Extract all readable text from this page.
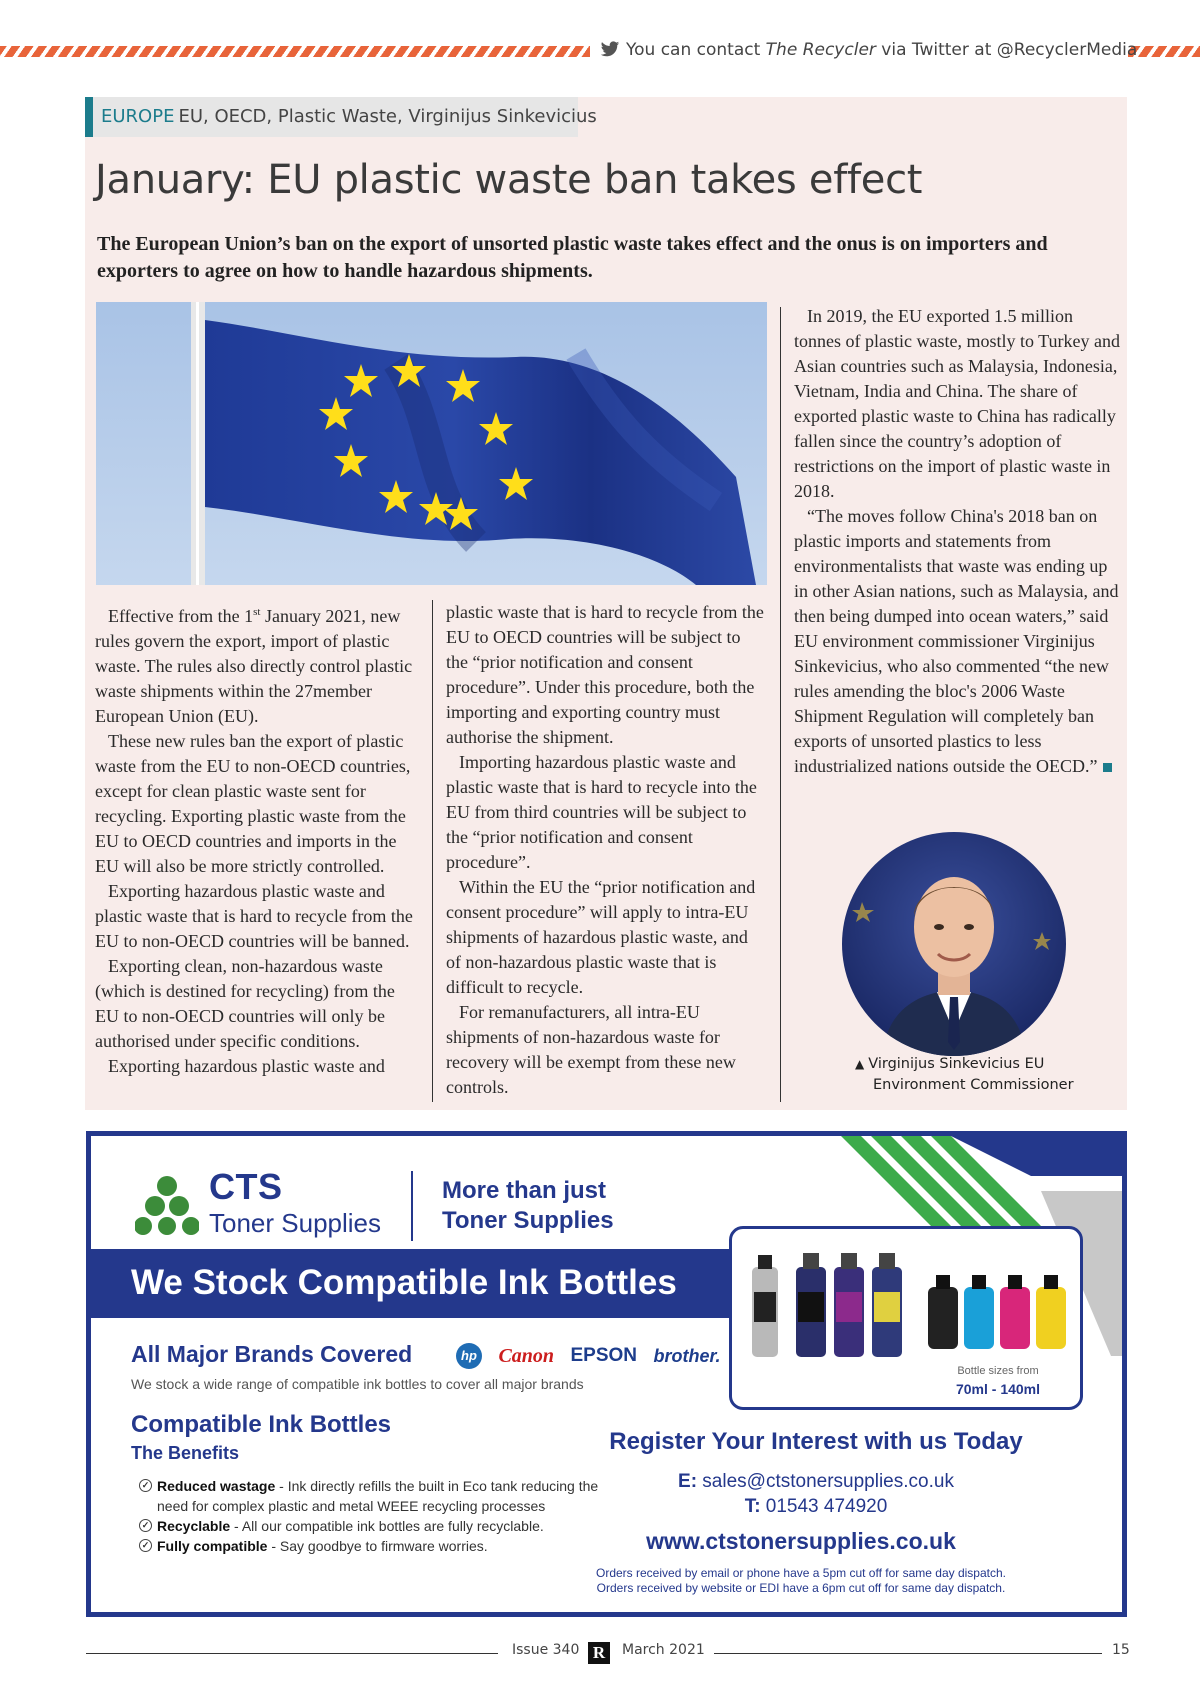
You can contact The Recycler via Twitter at @RecyclerMedia
EUROPE EU, OECD, Plastic Waste, Virginijus Sinkevicius
January: EU plastic waste ban takes effect

The European Union’s ban on the export of unsorted plastic waste takes effect and the onus is on importers and exporters to agree on how to handle hazardous shipments.

Effective from the 1st January 2021, new rules govern the export, import of plastic waste. The rules also directly control plastic waste shipments within the 27member European Union (EU).

These new rules ban the export of plastic waste from the EU to non-OECD countries, except for clean plastic waste sent for recycling. Exporting plastic waste from the EU to OECD countries and imports in the EU will also be more strictly controlled.

Exporting hazardous plastic waste and plastic waste that is hard to recycle from the EU to non-OECD countries will be banned.

Exporting clean, non-hazardous waste (which is destined for recycling) from the EU to non-OECD countries will only be authorised under specific conditions.

Exporting hazardous plastic waste and

plastic waste that is hard to recycle from the EU to OECD countries will be subject to the “prior notification and consent procedure”. Under this procedure, both the importing and exporting country must authorise the shipment.

Importing hazardous plastic waste and plastic waste that is hard to recycle into the EU from third countries will be subject to the “prior notification and consent procedure”.

Within the EU the “prior notification and consent procedure” will apply to intra-EU shipments of hazardous plastic waste, and of non-hazardous plastic waste that is difficult to recycle.

For remanufacturers, all intra-EU shipments of non-hazardous waste for recovery will be exempt from these new controls.

In 2019, the EU exported 1.5 million tonnes of plastic waste, mostly to Turkey and Asian countries such as Malaysia, Indonesia, Vietnam, India and China. The share of exported plastic waste to China has radically fallen since the country’s adoption of restrictions on the import of plastic waste in 2018.

“The moves follow China's 2018 ban on plastic imports and statements from environmentalists that waste was ending up in other Asian nations, such as Malaysia, and then being dumped into ocean waters,” said EU environment commissioner Virginijus Sinkevicius, who also commented “the new rules amending the bloc's 2006 Waste Shipment Regulation will completely ban exports of unsorted plastics to less industrialized nations outside the OECD.”

▲ Virginijus Sinkevicius EU
Environment Commissioner
CTS
Toner Supplies
More than just
Toner Supplies
We Stock Compatible Ink Bottles
Bottle sizes from
70ml - 140ml
All Major Brands Covered	hp Canon EPSON brother.
We stock a wide range of compatible ink bottles to cover all major brands
Compatible Ink Bottles
The Benefits
✓ Reduced wastage - Ink directly refills the built in Eco tank reducing the need for complex plastic and metal WEEE recycling processes
✓ Recyclable - All our compatible ink bottles are fully recyclable.
✓ Fully compatible - Say goodbye to firmware worries.
Register Your Interest with us Today
E: sales@ctstonersupplies.co.uk
T: 01543 474920
www.ctstonersupplies.co.uk
Orders received by email or phone have a 5pm cut off for same day dispatch.
Orders received by website or EDI have a 6pm cut off for same day dispatch.
Issue 340 R	March 2021	15
